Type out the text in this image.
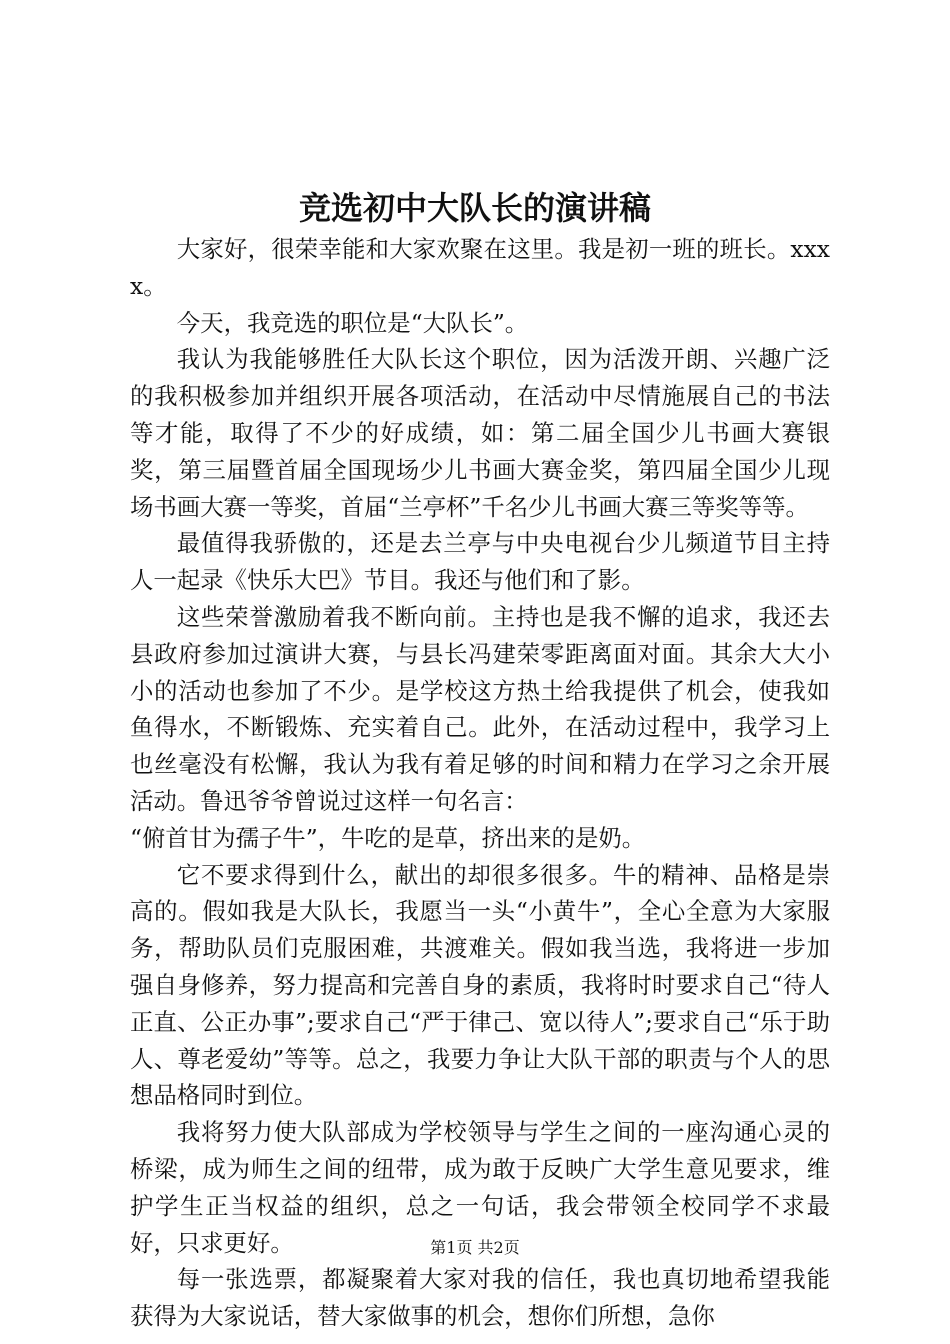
竞选初中大队长的演讲稿

大家好，很荣幸能和大家欢聚在这里。我是初一班的班长。xxxx。

今天，我竞选的职位是“大队长”。

我认为我能够胜任大队长这个职位，因为活泼开朗、兴趣广泛的我积极参加并组织开展各项活动，在活动中尽情施展自己的书法等才能，取得了不少的好成绩，如：第二届全国少儿书画大赛银奖，第三届暨首届全国现场少儿书画大赛金奖，第四届全国少儿现场书画大赛一等奖，首届“兰亭杯”千名少儿书画大赛三等奖等等。

最值得我骄傲的，还是去兰亭与中央电视台少儿频道节目主持人一起录《快乐大巴》节目。我还与他们和了影。

这些荣誉激励着我不断向前。主持也是我不懈的追求，我还去县政府参加过演讲大赛，与县长冯建荣零距离面对面。其余大大小小的活动也参加了不少。是学校这方热土给我提供了机会，使我如鱼得水，不断锻炼、充实着自己。此外，在活动过程中，我学习上也丝毫没有松懈，我认为我有着足够的时间和精力在学习之余开展活动。鲁迅爷爷曾说过这样一句名言：

“俯首甘为孺子牛”，牛吃的是草，挤出来的是奶。

它不要求得到什么，献出的却很多很多。牛的精神、品格是崇高的。假如我是大队长，我愿当一头“小黄牛”，全心全意为大家服务，帮助队员们克服困难，共渡难关。假如我当选，我将进一步加强自身修养，努力提高和完善自身的素质，我将时时要求自己“待人正直、公正办事”;要求自己“严于律己、宽以待人”;要求自己“乐于助人、尊老爱幼”等等。总之，我要力争让大队干部的职责与个人的思想品格同时到位。

我将努力使大队部成为学校领导与学生之间的一座沟通心灵的桥梁，成为师生之间的纽带，成为敢于反映广大学生意见要求，维护学生正当权益的组织，总之一句话，我会带领全校同学不求最好，只求更好。

每一张选票，都凝聚着大家对我的信任，我也真切地希望我能获得为大家说话，替大家做事的机会，想你们所想，急你

第1页 共2页
